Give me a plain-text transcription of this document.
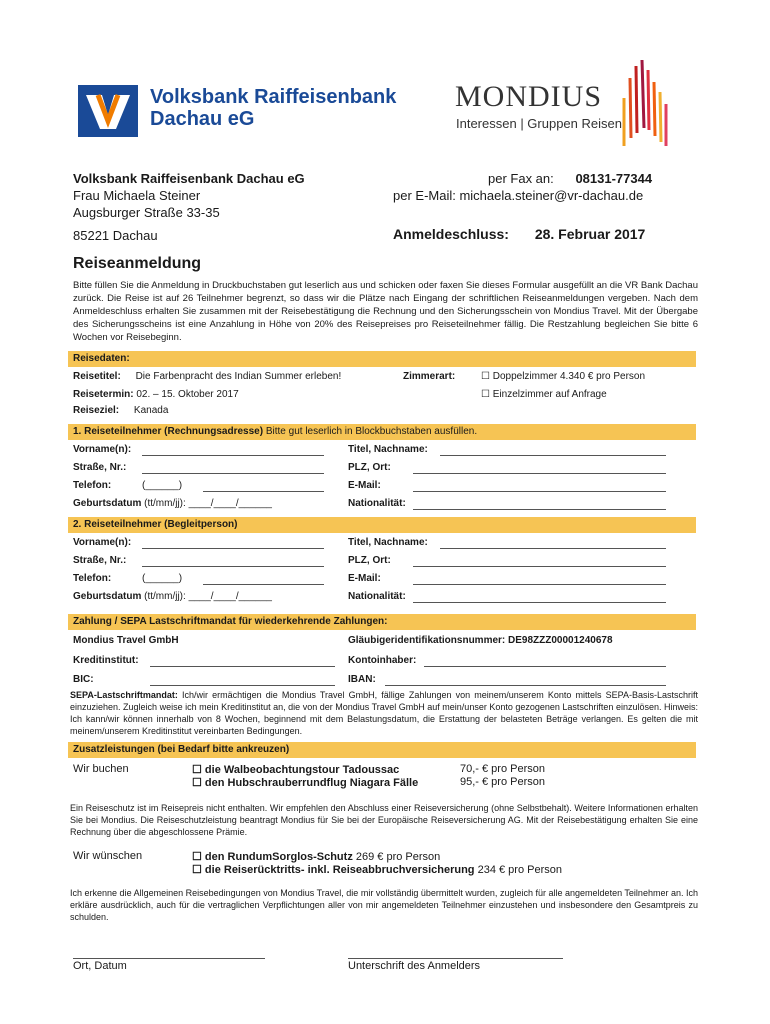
Volksbank Raiffeisenbank
Dachau eG
MONDIUS
Interessen | Gruppen Reisen
Volksbank Raiffeisenbank Dachau eG
Frau Michaela Steiner
Augsburger Straße 33-35
85221 Dachau
per Fax an: 08131-77344
per E-Mail: michaela.steiner@vr-dachau.de
Anmeldeschluss: 28. Februar 2017
Reiseanmeldung
Bitte füllen Sie die Anmeldung in Druckbuchstaben gut leserlich aus und schicken oder faxen Sie dieses Formular ausgefüllt an die VR Bank Dachau zurück. Die Reise ist auf 26 Teilnehmer begrenzt, so dass wir die Plätze nach Eingang der schriftlichen Reiseanmeldungen vergeben. Nach dem Anmeldeschluss erhalten Sie zusammen mit der Reisebestätigung die Rechnung und den Sicherungsschein von Mondius Travel. Mit der Übergabe des Sicherungsscheins ist eine Anzahlung in Höhe von 20% des Reisepreises pro Reiseteilnehmer fällig. Die Restzahlung begleichen Sie bitte 6 Wochen vor Reisebeginn.
Reisedaten:
Reisetitel: Die Farbenpracht des Indian Summer erleben!
Reisetermin: 02. – 15. Oktober 2017
Reiseziel: Kanada
Zimmerart:	☐ Doppelzimmer 4.340 € pro Person
☐ Einzelzimmer auf Anfrage
1. Reiseteilnehmer (Rechnungsadresse) Bitte gut leserlich in Blockbuchstaben ausfüllen.
Vorname(n):	Titel, Nachname:
Straße, Nr.:	PLZ, Ort:
Telefon:	(______)	E-Mail:
Geburtsdatum (tt/mm/jj): ____/____/______	Nationalität:
2. Reiseteilnehmer (Begleitperson)
Vorname(n):	Titel, Nachname:
Straße, Nr.:	PLZ, Ort:
Telefon:	(______)	E-Mail:
Geburtsdatum (tt/mm/jj): ____/____/______	Nationalität:
Zahlung / SEPA Lastschriftmandat für wiederkehrende Zahlungen:
Mondius Travel GmbH	Gläubigeridentifikationsnummer: DE98ZZZ00001240678
Kreditinstitut:	Kontoinhaber:
BIC:	IBAN:
SEPA-Lastschriftmandat: Ich/wir ermächtigen die Mondius Travel GmbH, fällige Zahlungen von meinem/unserem Konto mittels SEPA-Basis-Lastschrift einzuziehen. Zugleich weise ich mein Kreditinstitut an, die von der Mondius Travel GmbH auf mein/unser Konto gezogenen Lastschriften einzulösen. Hinweis: Ich kann/wir können innerhalb von 8 Wochen, beginnend mit dem Belastungsdatum, die Erstattung der belasteten Beträge verlangen. Es gelten die mit meinem/unserem Kreditinstitut vereinbarten Bedingungen.
Zusatzleistungen (bei Bedarf bitte ankreuzen)
Wir buchen	☐ die Walbeobachtungstour Tadoussac	70,- € pro Person
☐ den Hubschrauberrundflug Niagara Fälle	95,- € pro Person
Ein Reiseschutz ist im Reisepreis nicht enthalten. Wir empfehlen den Abschluss einer Reiseversicherung (ohne Selbstbehalt). Weitere Informationen erhalten Sie bei Mondius. Die Reiseschutzleistung beantragt Mondius für Sie bei der Europäische Reiseversicherung AG. Mit der Reisebestätigung erhalten Sie eine Rechnung über die abgeschlossene Prämie.
Wir wünschen	☐ den RundumSorglos-Schutz 269 € pro Person
☐ die Reiserücktritts- inkl. Reiseabbruchversicherung 234 € pro Person
Ich erkenne die Allgemeinen Reisebedingungen von Mondius Travel, die mir vollständig übermittelt wurden, zugleich für alle angemeldeten Teilnehmer an. Ich erkläre ausdrücklich, auch für die vertraglichen Verpflichtungen aller von mir angemeldeten Teilnehmer einzustehen und insbesondere den Gesamtpreis zu schulden.
Ort, Datum	Unterschrift des Anmelders
